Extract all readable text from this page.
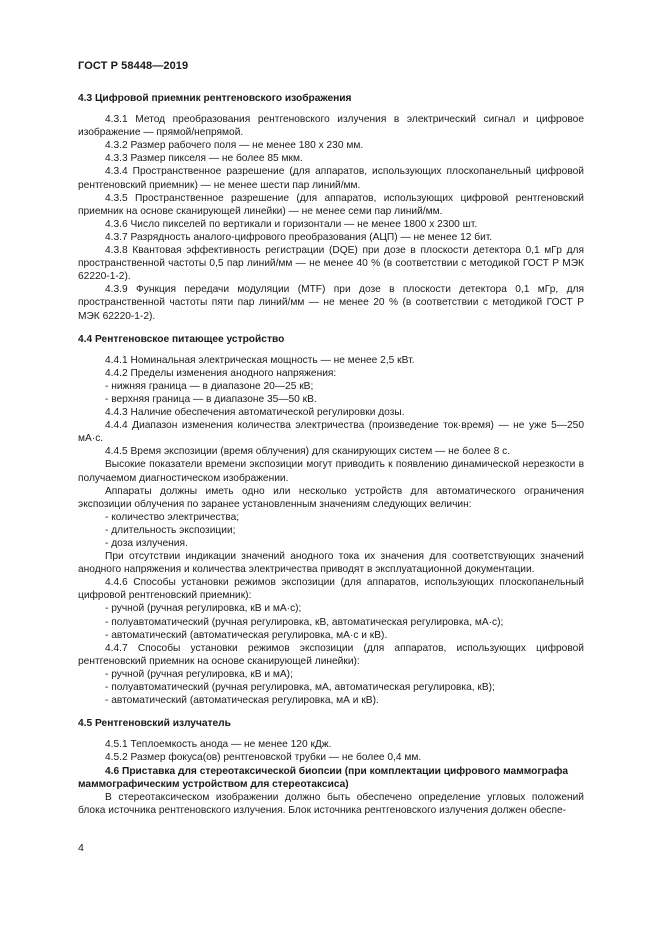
ГОСТ Р 58448—2019

4.3 Цифровой приемник рентгеновского изображения

4.3.1 Метод преобразования рентгеновского излучения в электрический сигнал и цифровое изображение — прямой/непрямой.

4.3.2 Размер рабочего поля — не менее 180 x 230 мм.

4.3.3 Размер пикселя — не более 85 мкм.

4.3.4 Пространственное разрешение (для аппаратов, использующих плоскопанельный цифровой рентгеновский приемник) — не менее шести пар линий/мм.

4.3.5 Пространственное разрешение (для аппаратов, использующих цифровой рентгеновский приемник на основе сканирующей линейки) — не менее семи пар линий/мм.

4.3.6 Число пикселей по вертикали и горизонтали — не менее 1800 x 2300 шт.

4.3.7 Разрядность аналого-цифрового преобразования (АЦП) — не менее 12 бит.

4.3.8 Квантовая эффективность регистрации (DQE) при дозе в плоскости детектора 0,1 мГр для пространственной частоты 0,5 пар линий/мм — не менее 40 % (в соответствии с методикой ГОСТ Р МЭК 62220-1-2).

4.3.9 Функция передачи модуляции (MTF) при дозе в плоскости детектора 0,1 мГр, для пространственной частоты пяти пар линий/мм — не менее 20 % (в соответствии с методикой ГОСТ Р МЭК 62220-1-2).

4.4 Рентгеновское питающее устройство

4.4.1 Номинальная электрическая мощность — не менее 2,5 кВт.

4.4.2 Пределы изменения анодного напряжения:

- нижняя граница — в диапазоне 20—25 кВ;

- верхняя граница — в диапазоне 35—50 кВ.

4.4.3 Наличие обеспечения автоматической регулировки дозы.

4.4.4 Диапазон изменения количества электричества (произведение ток·время) — не уже 5—250 мА·с.

4.4.5 Время экспозиции (время облучения) для сканирующих систем — не более 8 с.

Высокие показатели времени экспозиции могут приводить к появлению динамической нерезкости в получаемом диагностическом изображении.

Аппараты должны иметь одно или несколько устройств для автоматического ограничения экспозиции облучения по заранее установленным значениям следующих величин:

- количество электричества;

- длительность экспозиции;

- доза излучения.

При отсутствии индикации значений анодного тока их значения для соответствующих значений анодного напряжения и количества электричества приводят в эксплуатационной документации.

4.4.6 Способы установки режимов экспозиции (для аппаратов, использующих плоскопанельный цифровой рентгеновский приемник):

- ручной (ручная регулировка, кВ и мА·с);

- полуавтоматический (ручная регулировка, кВ, автоматическая регулировка, мА·с);

- автоматический (автоматическая регулировка, мА·с и кВ).

4.4.7 Способы установки режимов экспозиции (для аппаратов, использующих цифровой рентгеновский приемник на основе сканирующей линейки):

- ручной (ручная регулировка, кВ и мА);

- полуавтоматический (ручная регулировка, мА, автоматическая регулировка, кВ);

- автоматический (автоматическая регулировка, мА и кВ).

4.5 Рентгеновский излучатель

4.5.1 Теплоемкость анода — не менее 120 кДж.

4.5.2 Размер фокуса(ов) рентгеновской трубки — не более 0,4 мм.

4.6 Приставка для стереотаксической биопсии (при комплектации цифрового маммографа маммографическим устройством для стереотаксиса)

В стереотаксическом изображении должно быть обеспечено определение угловых положений блока источника рентгеновского излучения. Блок источника рентгеновского излучения должен обеспе-

4
